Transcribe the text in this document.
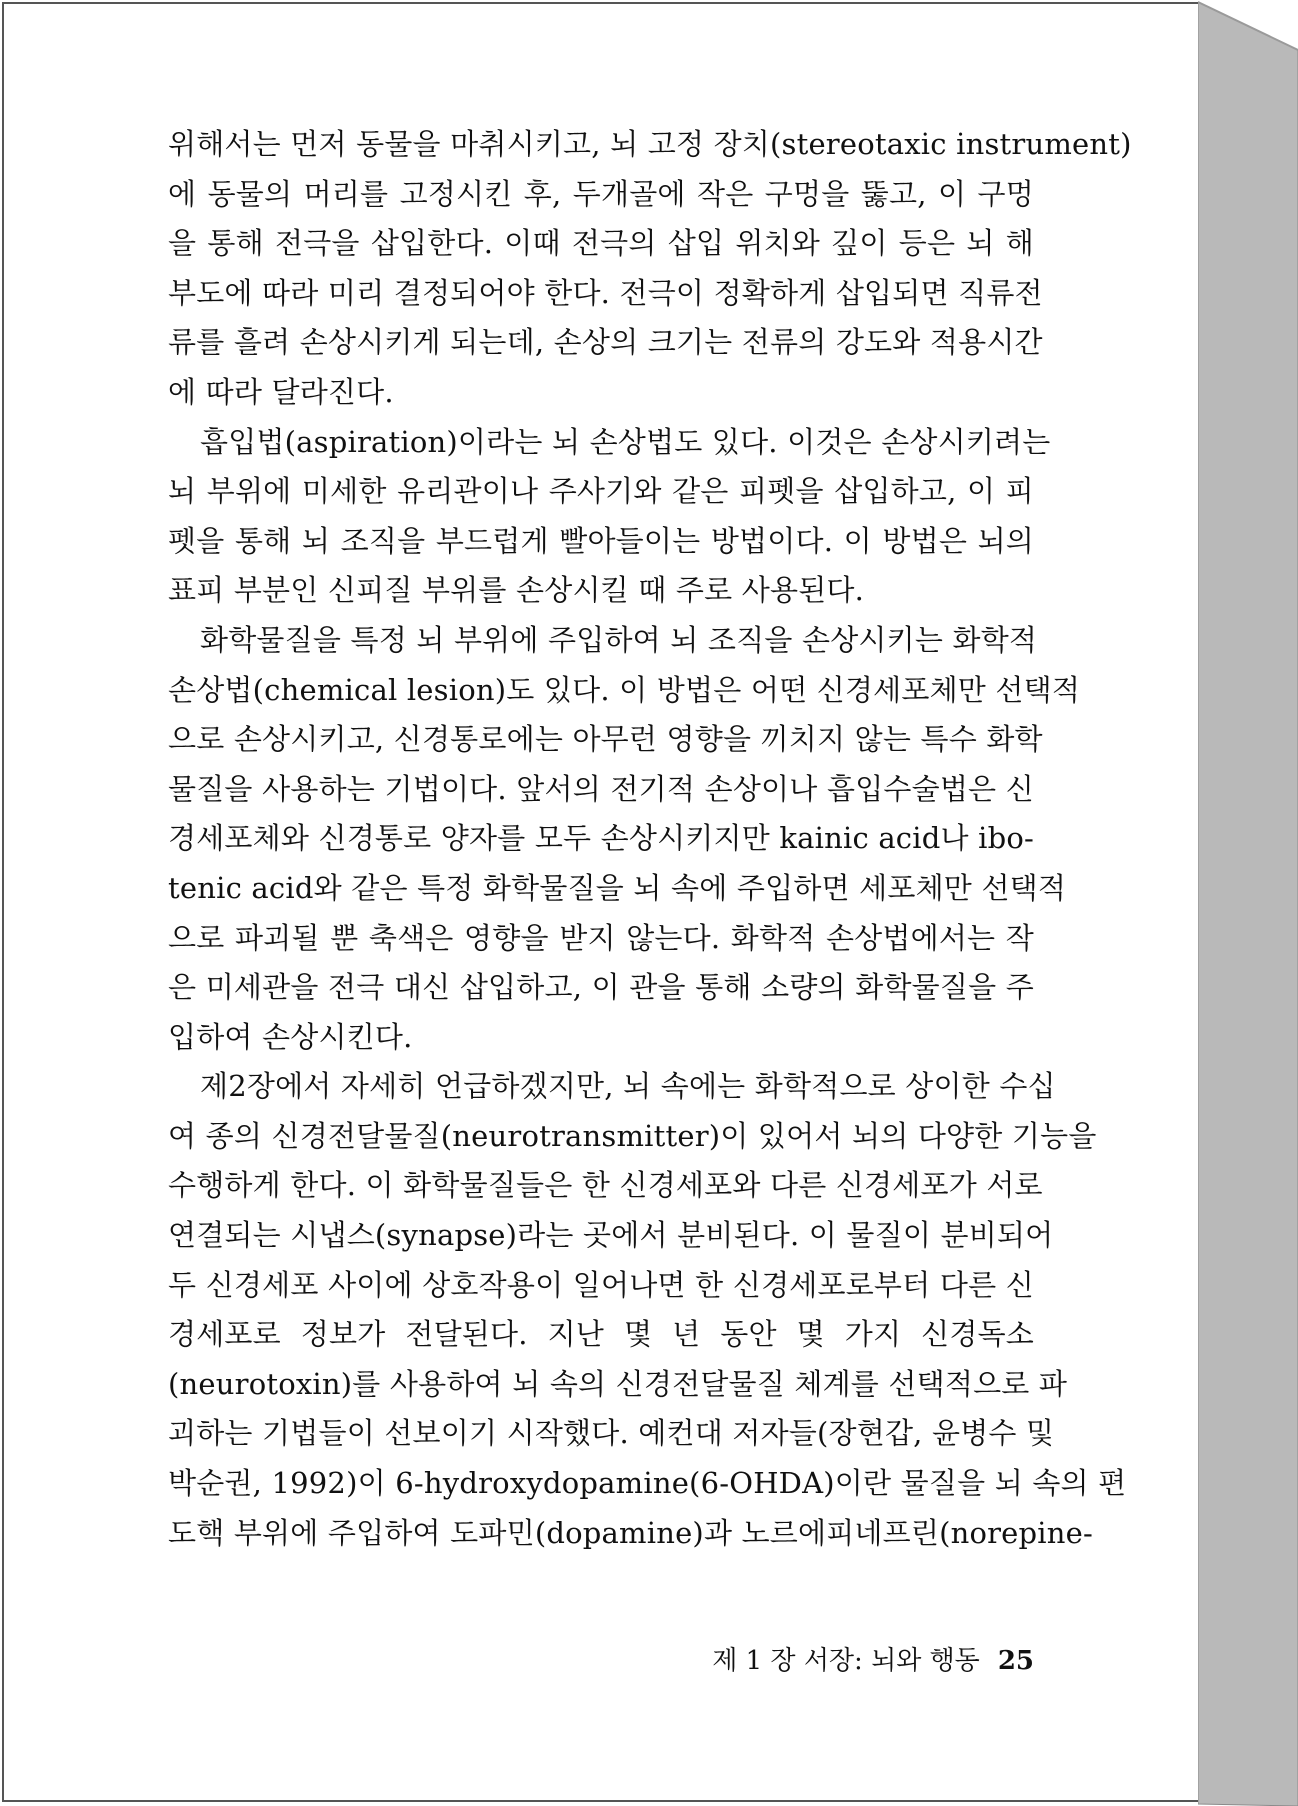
위해서는 먼저 동물을 마취시키고, 뇌 고정 장치(stereotaxic instrument)
에 동물의 머리를 고정시킨 후, 두개골에 작은 구멍을 뚫고, 이 구멍
을 통해 전극을 삽입한다. 이때 전극의 삽입 위치와 깊이 등은 뇌 해
부도에 따라 미리 결정되어야 한다. 전극이 정확하게 삽입되면 직류전
류를 흘려 손상시키게 되는데, 손상의 크기는 전류의 강도와 적용시간
에 따라 달라진다.
흡입법(aspiration)이라는 뇌 손상법도 있다. 이것은 손상시키려는
뇌 부위에 미세한 유리관이나 주사기와 같은 피펫을 삽입하고, 이 피
펫을 통해 뇌 조직을 부드럽게 빨아들이는 방법이다. 이 방법은 뇌의
표피 부분인 신피질 부위를 손상시킬 때 주로 사용된다.
화학물질을 특정 뇌 부위에 주입하여 뇌 조직을 손상시키는 화학적
손상법(chemical lesion)도 있다. 이 방법은 어떤 신경세포체만 선택적
으로 손상시키고, 신경통로에는 아무런 영향을 끼치지 않는 특수 화학
물질을 사용하는 기법이다. 앞서의 전기적 손상이나 흡입수술법은 신
경세포체와 신경통로 양자를 모두 손상시키지만 kainic acid나 ibo-
tenic acid와 같은 특정 화학물질을 뇌 속에 주입하면 세포체만 선택적
으로 파괴될 뿐 축색은 영향을 받지 않는다. 화학적 손상법에서는 작
은 미세관을 전극 대신 삽입하고, 이 관을 통해 소량의 화학물질을 주
입하여 손상시킨다.
제2장에서 자세히 언급하겠지만, 뇌 속에는 화학적으로 상이한 수십
여 종의 신경전달물질(neurotransmitter)이 있어서 뇌의 다양한 기능을
수행하게 한다. 이 화학물질들은 한 신경세포와 다른 신경세포가 서로
연결되는 시냅스(synapse)라는 곳에서 분비된다. 이 물질이 분비되어
두 신경세포 사이에 상호작용이 일어나면 한 신경세포로부터 다른 신
경세포로 정보가 전달된다. 지난 몇 년 동안 몇 가지 신경독소
(neurotoxin)를 사용하여 뇌 속의 신경전달물질 체계를 선택적으로 파
괴하는 기법들이 선보이기 시작했다. 예컨대 저자들(장현갑, 윤병수 및
박순권, 1992)이 6-hydroxydopamine(6-OHDA)이란 물질을 뇌 속의 편
도핵 부위에 주입하여 도파민(dopamine)과 노르에피네프린(norepine-
제 1 장 서장: 뇌와 행동 25
